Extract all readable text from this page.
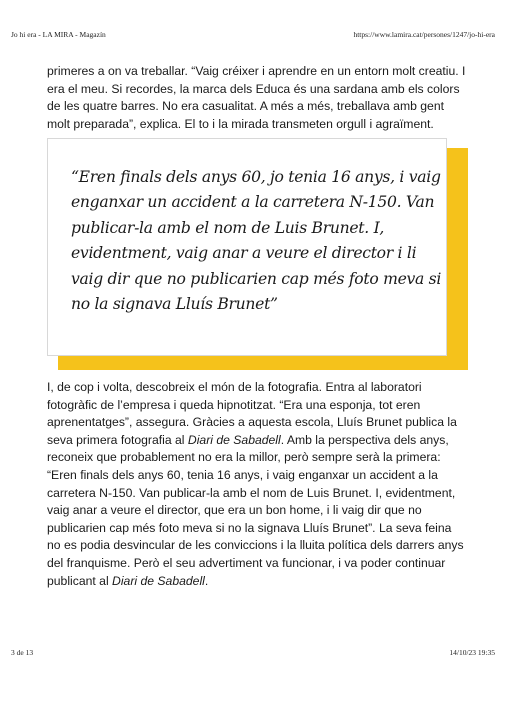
Jo hi era - LA MIRA - Magazín	https://www.lamira.cat/persones/1247/jo-hi-era

primeres a on va treballar. “Vaig créixer i aprendre en un entorn molt creatiu. I era el meu. Si recordes, la marca dels Educa és una sardana amb els colors de les quatre barres. No era casualitat. A més a més, treballava amb gent molt preparada”, explica. El to i la mirada transmeten orgull i agraïment.

“Eren finals dels anys 60, jo tenia 16 anys, i vaig enganxar un accident a la carretera N-150. Van publicar-la amb el nom de Luis Brunet. I, evidentment, vaig anar a veure el director i li vaig dir que no publicarien cap més foto meva si no la signava Lluís Brunet”

I, de cop i volta, descobreix el món de la fotografia. Entra al laboratori fotogràfic de l’empresa i queda hipnotitzat. “Era una esponja, tot eren aprenentatges”, assegura. Gràcies a aquesta escola, Lluís Brunet publica la seva primera fotografia al Diari de Sabadell. Amb la perspectiva dels anys, reconeix que probablement no era la millor, però sempre serà la primera: “Eren finals dels anys 60, tenia 16 anys, i vaig enganxar un accident a la carretera N-150. Van publicar-la amb el nom de Luis Brunet. I, evidentment, vaig anar a veure el director, que era un bon home, i li vaig dir que no publicarien cap més foto meva si no la signava Lluís Brunet”. La seva feina no es podia desvincular de les conviccions i la lluita política dels darrers anys del franquisme. Però el seu advertiment va funcionar, i va poder continuar publicant al Diari de Sabadell.

3 de 13	14/10/23 19:35
